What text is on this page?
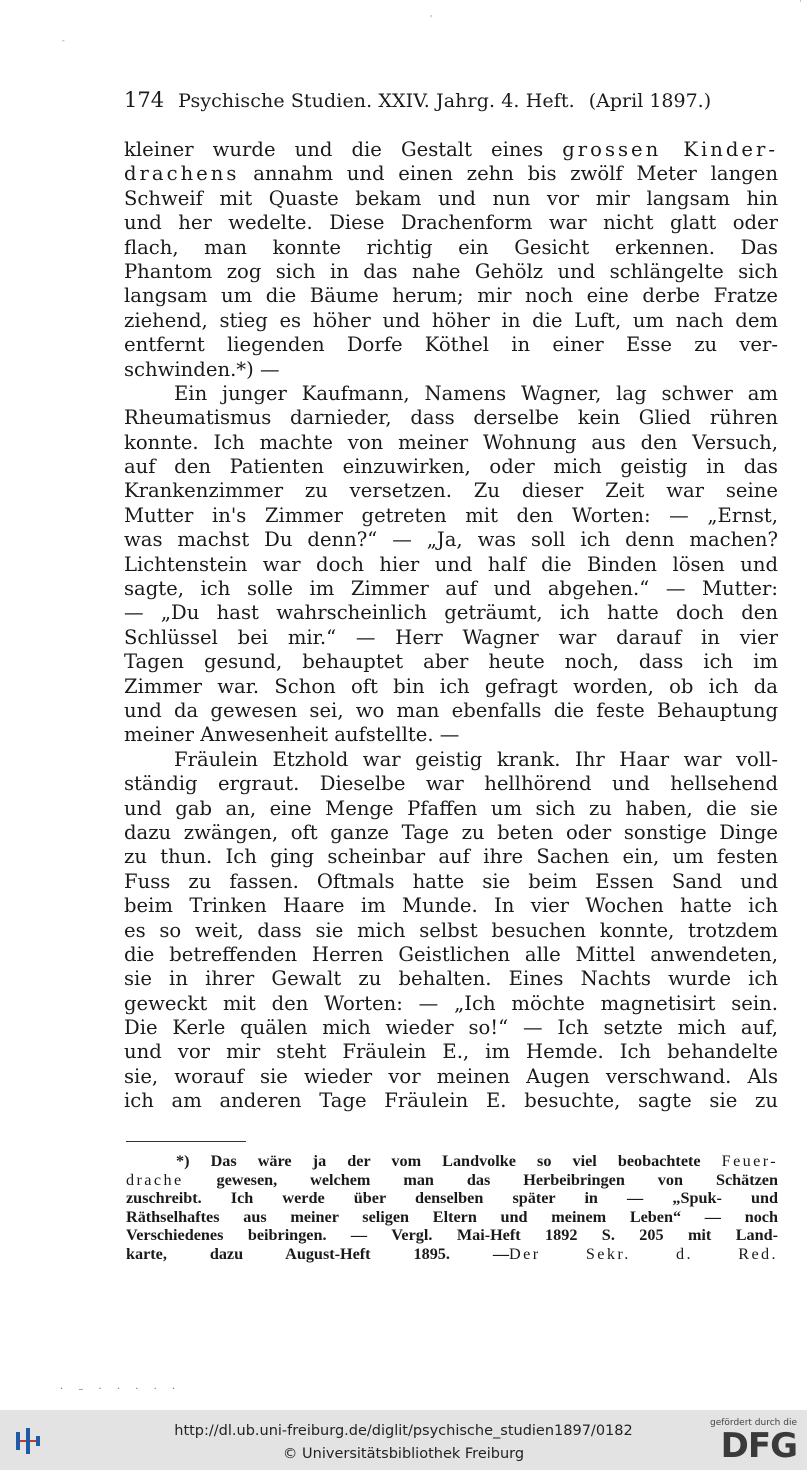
˙
'
-
174 Psychische Studien. XXIV. Jahrg. 4. Heft. (April 1897.)
kleiner wurde und die Gestalt eines grossen Kinder-
drachens annahm und einen zehn bis zwölf Meter langen
Schweif mit Quaste bekam und nun vor mir langsam hin
und her wedelte. Diese Drachenform war nicht glatt oder
flach, man konnte richtig ein Gesicht erkennen. Das
Phantom zog sich in das nahe Gehölz und schlängelte sich
langsam um die Bäume herum; mir noch eine derbe Fratze
ziehend, stieg es höher und höher in die Luft, um nach dem
entfernt liegenden Dorfe Köthel in einer Esse zu ver-
schwinden.*) —
Ein junger Kaufmann, Namens Wagner, lag schwer am
Rheumatismus darnieder, dass derselbe kein Glied rühren
konnte. Ich machte von meiner Wohnung aus den Versuch,
auf den Patienten einzuwirken, oder mich geistig in das
Krankenzimmer zu versetzen. Zu dieser Zeit war seine
Mutter in's Zimmer getreten mit den Worten: — „Ernst,
was machst Du denn?“ — „Ja, was soll ich denn machen?
Lichtenstein war doch hier und half die Binden lösen und
sagte, ich solle im Zimmer auf und abgehen.“ — Mutter:
— „Du hast wahrscheinlich geträumt, ich hatte doch den
Schlüssel bei mir.“ — Herr Wagner war darauf in vier
Tagen gesund, behauptet aber heute noch, dass ich im
Zimmer war. Schon oft bin ich gefragt worden, ob ich da
und da gewesen sei, wo man ebenfalls die feste Behauptung
meiner Anwesenheit aufstellte. —
Fräulein Etzhold war geistig krank. Ihr Haar war voll-
ständig ergraut. Dieselbe war hellhörend und hellsehend
und gab an, eine Menge Pfaffen um sich zu haben, die sie
dazu zwängen, oft ganze Tage zu beten oder sonstige Dinge
zu thun. Ich ging scheinbar auf ihre Sachen ein, um festen
Fuss zu fassen. Oftmals hatte sie beim Essen Sand und
beim Trinken Haare im Munde. In vier Wochen hatte ich
es so weit, dass sie mich selbst besuchen konnte, trotzdem
die betreffenden Herren Geistlichen alle Mittel anwendeten,
sie in ihrer Gewalt zu behalten. Eines Nachts wurde ich
geweckt mit den Worten: — „Ich möchte magnetisirt sein.
Die Kerle quälen mich wieder so!“ — Ich setzte mich auf,
und vor mir steht Fräulein E., im Hemde. Ich behandelte
sie, worauf sie wieder vor meinen Augen verschwand. Als
ich am anderen Tage Fräulein E. besuchte, sagte sie zu
*) Das wäre ja der vom Landvolke so viel beobachtete Feuer-
drache gewesen, welchem man das Herbeibringen von Schätzen
zuschreibt. Ich werde über denselben später in — „Spuk- und
Räthselhaftes aus meiner seligen Eltern und meinem Leben“ — noch
Verschiedenes beibringen. — Vergl. Mai-Heft 1892 S. 205 mit Land-
karte, dazu August-Heft 1895. —Der Sekr. d. Red.
· – · · · · ·
http://dl.ub.uni-freiburg.de/diglit/psychische_studien1897/0182
© Universitätsbibliothek Freiburg
gefördert durch die
DFG
